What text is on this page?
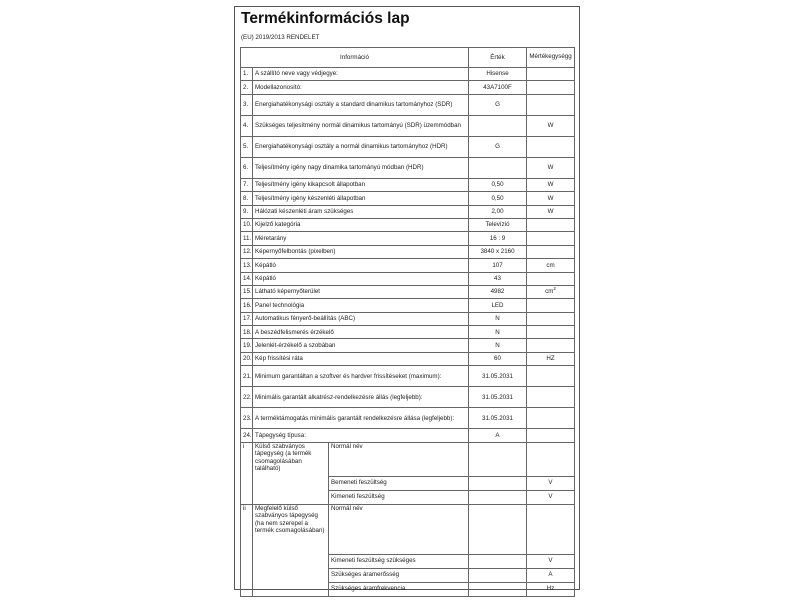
Termékinformációs lap
(EU) 2019/2013 RENDELET
Információ			Érték	Mértékegységg
1.	A szállító neve vagy védjegye:		Hisense	
2.	Modellazonosító:		43A7100F	
3.	Energiahatékonysági osztály a standard dinamikus tartományhoz (SDR)		G	
4.	Szükséges teljesítmény normál dinamikus tartományú (SDR) üzemmódban			W
5.	Energiahatékonysági osztály a normál dinamikus tartományhoz (HDR)		G	
6.	Teljesítmény igény nagy dinamika tartományú módban (HDR)			W
7.	Teljesítmény igény kikapcsolt állapotban		0,50	W
8.	Teljesítmény igény készenléti állapotban		0,50	W
9.	Hálózati készenléti áram szükséges		2,00	W
10.	Kijelző kategória		Televízió	
11.	Méretarány		16 : 9	
12.	Képernyőfelbontás (pixelben)		3840 x 2160	
13.	Képátló		107	cm
14.	Képátló		43	
15.	Látható képernyőterület		4982	$cm^2$
16.	Panel technológia		LED	
17.	Automatikus fényerő-beállítás (ABC)		N	
18.	A beszédfelismerés érzékelő		N	
19.	Jelenlét-érzékelő a szobában		N	
20.	Kép frissítési ráta		60	HZ
21.	Minimum garantáltan a szoftver és hardver frissítéseket (maximum):		31.05.2031	
22.	Minimális garantált alkatrész-rendelkezésre állás (legfeljebb):		31.05.2031	
23.	A terméktámogatás minimális garantált rendelkezésre állása (legfeljebb):		31.05.2031	
24.	Tápegység típusa:		A	
i	Külső szabványos tápegység (a termék csomagolásában található)	Normál név		
		Bemeneti feszültség		V
		Kimeneti feszültség		V
ii	Megfelelő külső szabványos tápegység (ha nem szerepel a termék csomagolásában)	Normál név		
		Kimeneti feszültség szükséges		V
		Szükséges áramerősség		A
		Szükséges áramfrekvencia		Hz
